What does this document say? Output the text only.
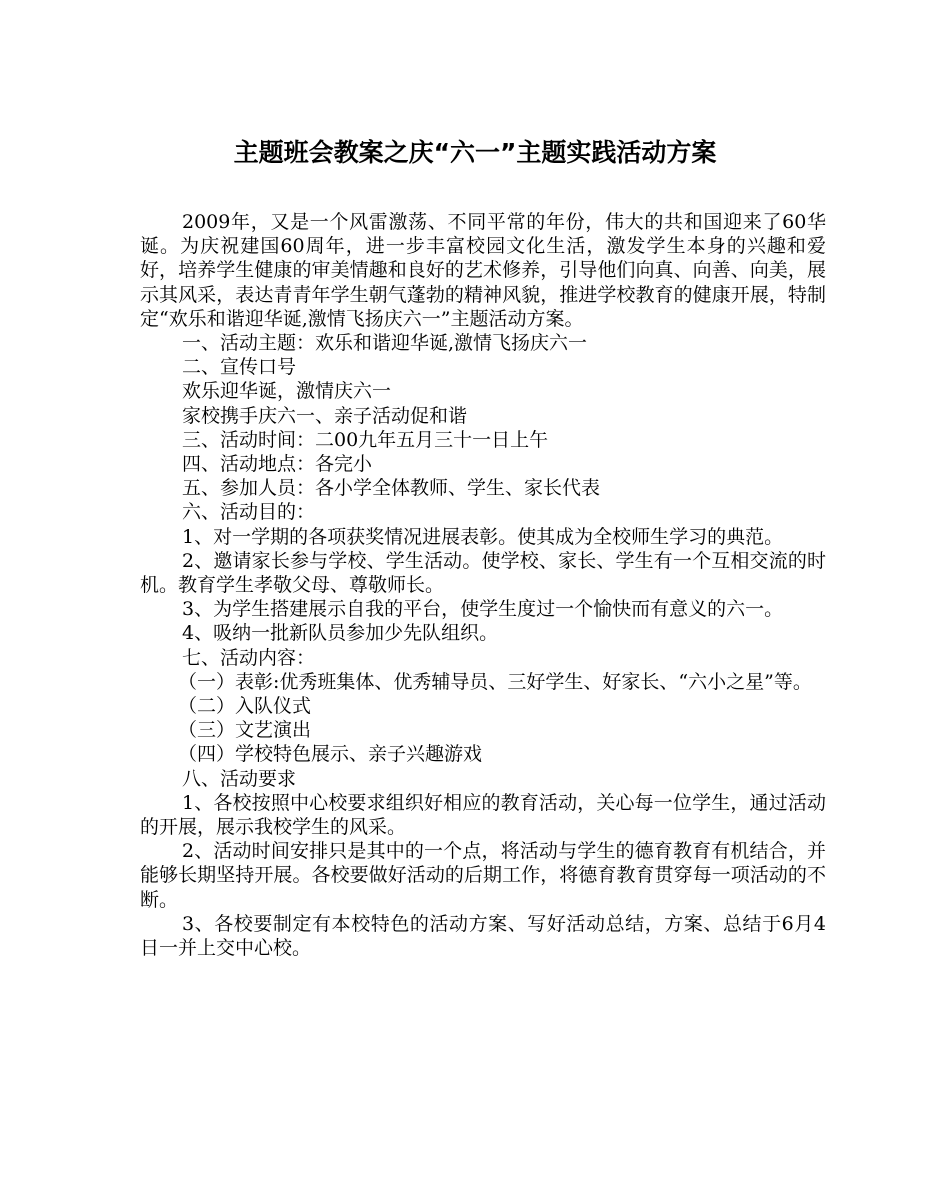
主题班会教案之庆“六一”主题实践活动方案

2009年，又是一个风雷激荡、不同平常的年份，伟大的共和国迎来了60华诞。为庆祝建国60周年，进一步丰富校园文化生活，激发学生本身的兴趣和爱好，培养学生健康的审美情趣和良好的艺术修养，引导他们向真、向善、向美，展示其风采，表达青青年学生朝气蓬勃的精神风貌，推进学校教育的健康开展，特制定“欢乐和谐迎华诞,激情飞扬庆六一”主题活动方案。

一、活动主题：欢乐和谐迎华诞,激情飞扬庆六一

二、宣传口号

欢乐迎华诞，激情庆六一

家校携手庆六一、亲子活动促和谐

三、活动时间：二00九年五月三十一日上午

四、活动地点：各完小

五、参加人员：各小学全体教师、学生、家长代表

六、活动目的：

1、对一学期的各项获奖情况进展表彰。使其成为全校师生学习的典范。

2、邀请家长参与学校、学生活动。使学校、家长、学生有一个互相交流的时机。教育学生孝敬父母、尊敬师长。

3、为学生搭建展示自我的平台，使学生度过一个愉快而有意义的六一。

4、吸纳一批新队员参加少先队组织。

七、活动内容：

（一）表彰:优秀班集体、优秀辅导员、三好学生、好家长、“六小之星”等。

（二）入队仪式

（三）文艺演出

（四）学校特色展示、亲子兴趣游戏

八、活动要求

1、各校按照中心校要求组织好相应的教育活动，关心每一位学生，通过活动的开展，展示我校学生的风采。

2、活动时间安排只是其中的一个点，将活动与学生的德育教育有机结合，并能够长期坚持开展。各校要做好活动的后期工作，将德育教育贯穿每一项活动的不断。

3、各校要制定有本校特色的活动方案、写好活动总结，方案、总结于6月4日一并上交中心校。
